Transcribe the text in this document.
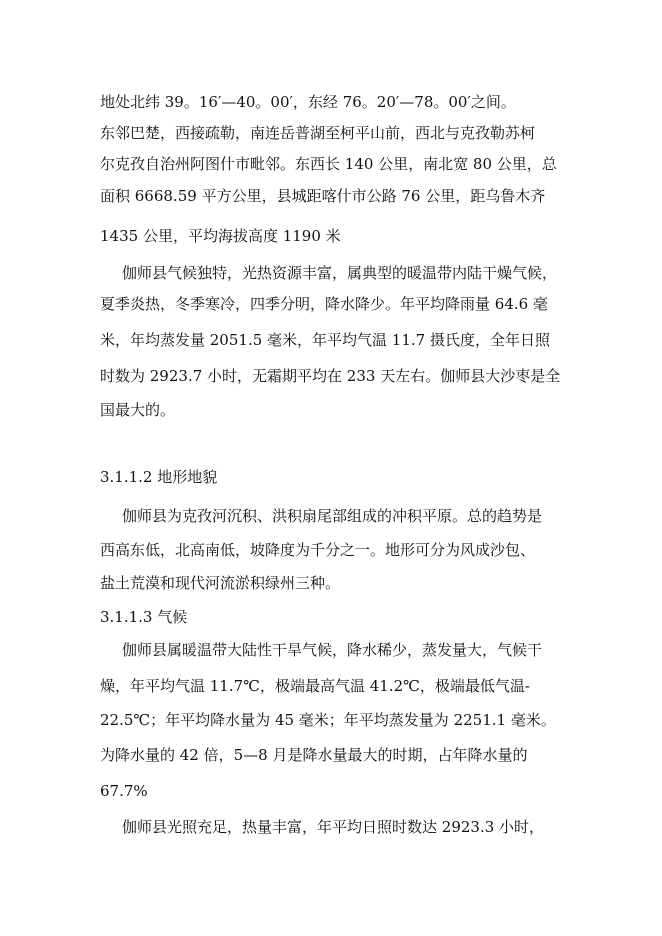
地处北纬 39。16′—40。00′，东经 76。20′—78。00′之间。
东邻巴楚，西接疏勒，南连岳普湖至柯平山前，西北与克孜勒苏柯
尔克孜自治州阿图什市毗邻。东西长 140 公里，南北宽 80 公里，总
面积 6668.59 平方公里，县城距喀什市公路 76 公里，距乌鲁木齐
1435 公里，平均海拔高度 1190 米
伽师县气候独特，光热资源丰富，属典型的暖温带内陆干燥气候，
夏季炎热，冬季寒冷，四季分明，降水降少。年平均降雨量 64.6 毫
米，年均蒸发量 2051.5 毫米，年平均气温 11.7 摄氏度，全年日照
时数为 2923.7 小时，无霜期平均在 233 天左右。伽师县大沙枣是全
国最大的。
3.1.1.2 地形地貌
伽师县为克孜河沉积、洪积扇尾部组成的冲积平原。总的趋势是
西高东低，北高南低，坡降度为千分之一。地形可分为风成沙包、
盐土荒漠和现代河流淤积绿州三种。
3.1.1.3 气候
伽师县属暖温带大陆性干旱气候，降水稀少，蒸发量大，气候干
燥，年平均气温 11.7℃，极端最高气温 41.2℃，极端最低气温-
22.5℃；年平均降水量为 45 毫米；年平均蒸发量为 2251.1 毫米。
为降水量的 42 倍，5—8 月是降水量最大的时期，占年降水量的
67.7%
伽师县光照充足，热量丰富，年平均日照时数达 2923.3 小时，
